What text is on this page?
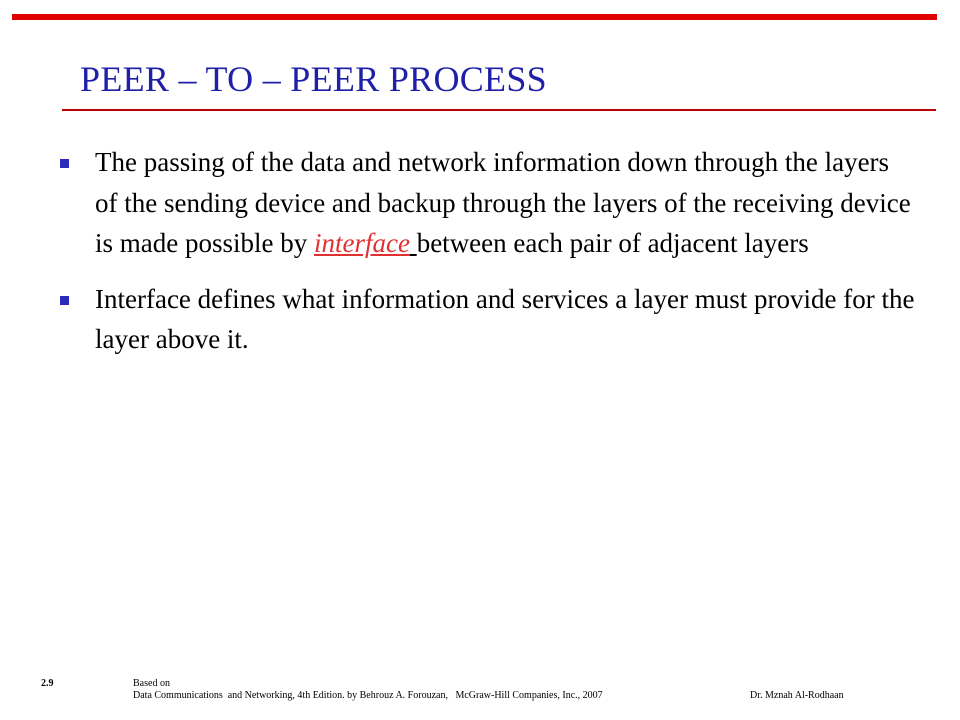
PEER – TO – PEER PROCESS
The passing of the data and network information down through the layers of the sending device and backup through the layers of the receiving device is made possible by interface between each pair of adjacent layers
Interface defines what information and services a layer must provide for the layer above it.
2.9	Based on
Data Communications  and Networking, 4th Edition. by Behrouz A. Forouzan,   McGraw-Hill Companies, Inc., 2007	Dr. Mznah Al-Rodhaan
